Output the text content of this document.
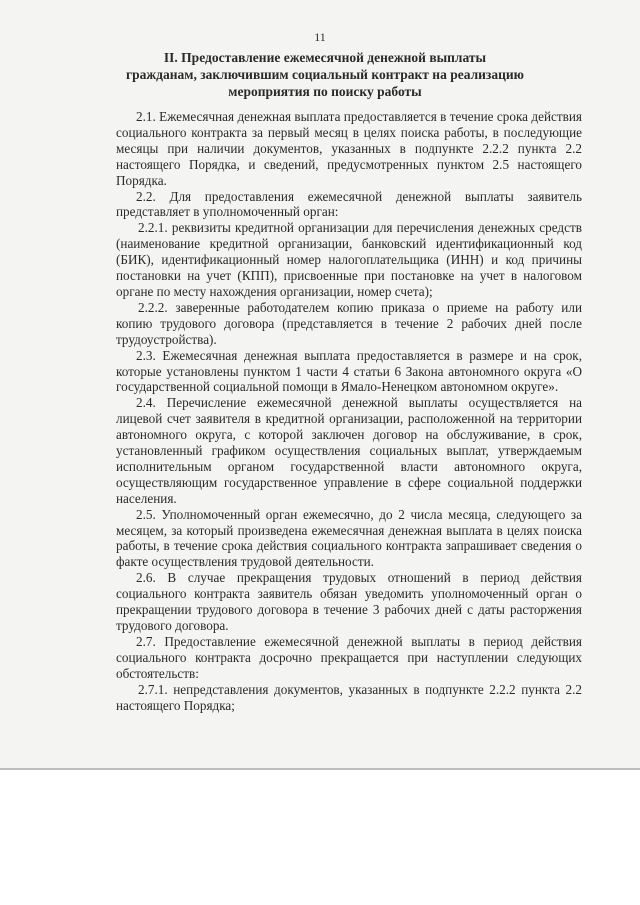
11
II. Предоставление ежемесячной денежной выплаты
гражданам, заключившим социальный контракт на реализацию
мероприятия по поиску работы

2.1. Ежемесячная денежная выплата предоставляется в течение срока действия социального контракта за первый месяц в целях поиска работы, в последующие месяцы при наличии документов, указанных в подпункте 2.2.2 пункта 2.2 настоящего Порядка, и сведений, предусмотренных пунктом 2.5 настоящего Порядка.

2.2. Для предоставления ежемесячной денежной выплаты заявитель представляет в уполномоченный орган:

2.2.1. реквизиты кредитной организации для перечисления денежных средств (наименование кредитной организации, банковский идентификационный код (БИК), идентификационный номер налогоплательщика (ИНН) и код причины постановки на учет (КПП), присвоенные при постановке на учет в налоговом органе по месту нахождения организации, номер счета);

2.2.2. заверенные работодателем копию приказа о приеме на работу или копию трудового договора (представляется в течение 2 рабочих дней после трудоустройства).

2.3. Ежемесячная денежная выплата предоставляется в размере и на срок, которые установлены пунктом 1 части 4 статьи 6 Закона автономного округа «О государственной социальной помощи в Ямало-Ненецком автономном округе».

2.4. Перечисление ежемесячной денежной выплаты осуществляется на лицевой счет заявителя в кредитной организации, расположенной на территории автономного округа, с которой заключен договор на обслуживание, в срок, установленный графиком осуществления социальных выплат, утверждаемым исполнительным органом государственной власти автономного округа, осуществляющим государственное управление в сфере социальной поддержки населения.

2.5. Уполномоченный орган ежемесячно, до 2 числа месяца, следующего за месяцем, за который произведена ежемесячная денежная выплата в целях поиска работы, в течение срока действия социального контракта запрашивает сведения о факте осуществления трудовой деятельности.

2.6. В случае прекращения трудовых отношений в период действия социального контракта заявитель обязан уведомить уполномоченный орган о прекращении трудового договора в течение 3 рабочих дней с даты расторжения трудового договора.

2.7. Предоставление ежемесячной денежной выплаты в период действия социального контракта досрочно прекращается при наступлении следующих обстоятельств:

2.7.1. непредставления документов, указанных в подпункте 2.2.2 пункта 2.2 настоящего Порядка;
